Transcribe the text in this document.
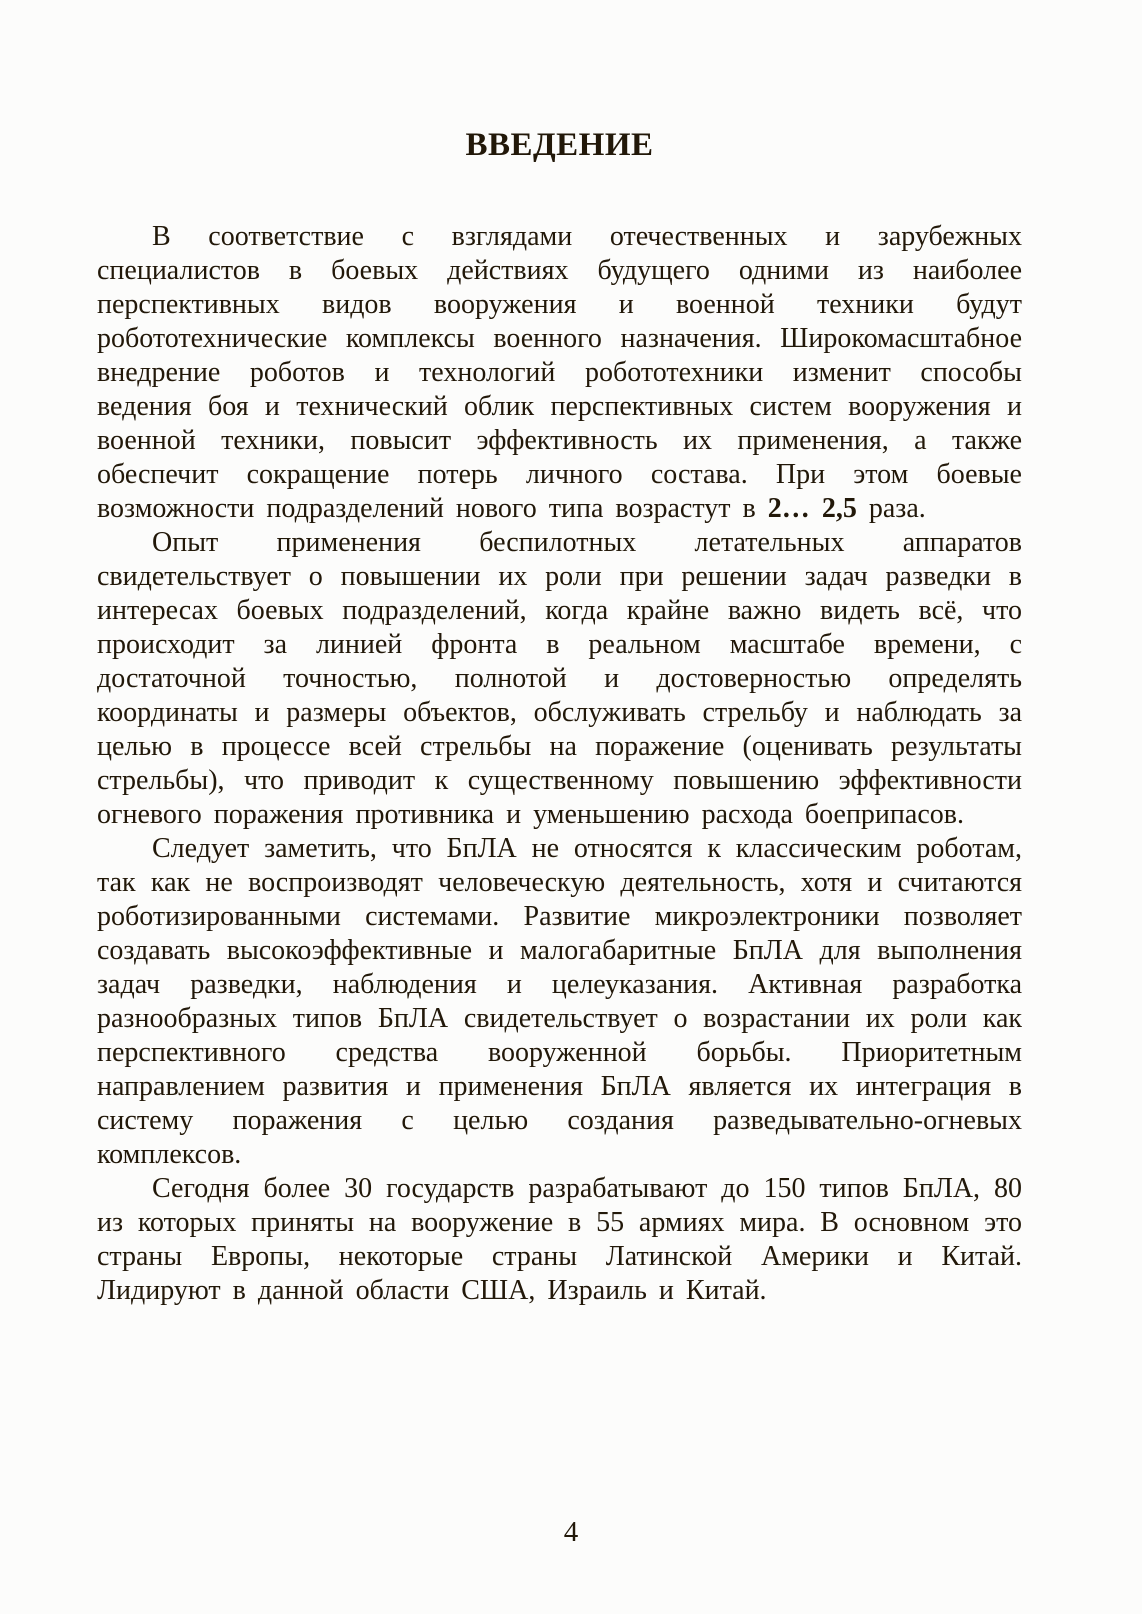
ВВЕДЕНИЕ

В соответствие с взглядами отечественных и зарубежных специалистов в боевых действиях будущего одними из наиболее перспективных видов вооружения и военной техники будут робототехнические комплексы военного назначения. Широкомасштабное внедрение роботов и технологий робототехники изменит способы ведения боя и технический облик перспективных систем вооружения и военной техники, повысит эффективность их применения, а также обеспечит сокращение потерь личного состава. При этом боевые возможности подразделений нового типа возрастут в 2… 2,5 раза.

Опыт применения беспилотных летательных аппаратов свидетельствует о повышении их роли при решении задач разведки в интересах боевых подразделений, когда крайне важно видеть всё, что происходит за линией фронта в реальном масштабе времени, с достаточной точностью, полнотой и достоверностью определять координаты и размеры объектов, обслуживать стрельбу и наблюдать за целью в процессе всей стрельбы на поражение (оценивать результаты стрельбы), что приводит к существенному повышению эффективности огневого поражения противника и уменьшению расхода боеприпасов.

Следует заметить, что БпЛА не относятся к классическим роботам, так как не воспроизводят человеческую деятельность, хотя и считаются роботизированными системами. Развитие микроэлектроники позволяет создавать высокоэффективные и малогабаритные БпЛА для выполнения задач разведки, наблюдения и целеуказания. Активная разработка разнообразных типов БпЛА свидетельствует о возрастании их роли как перспективного средства вооруженной борьбы. Приоритетным направлением развития и применения БпЛА является их интеграция в систему поражения с целью создания разведывательно-огневых комплексов.

Сегодня более 30 государств разрабатывают до 150 типов БпЛА, 80 из которых приняты на вооружение в 55 армиях мира. В основном это страны Европы, некоторые страны Латинской Америки и Китай. Лидируют в данной области США, Израиль и Китай.

4
